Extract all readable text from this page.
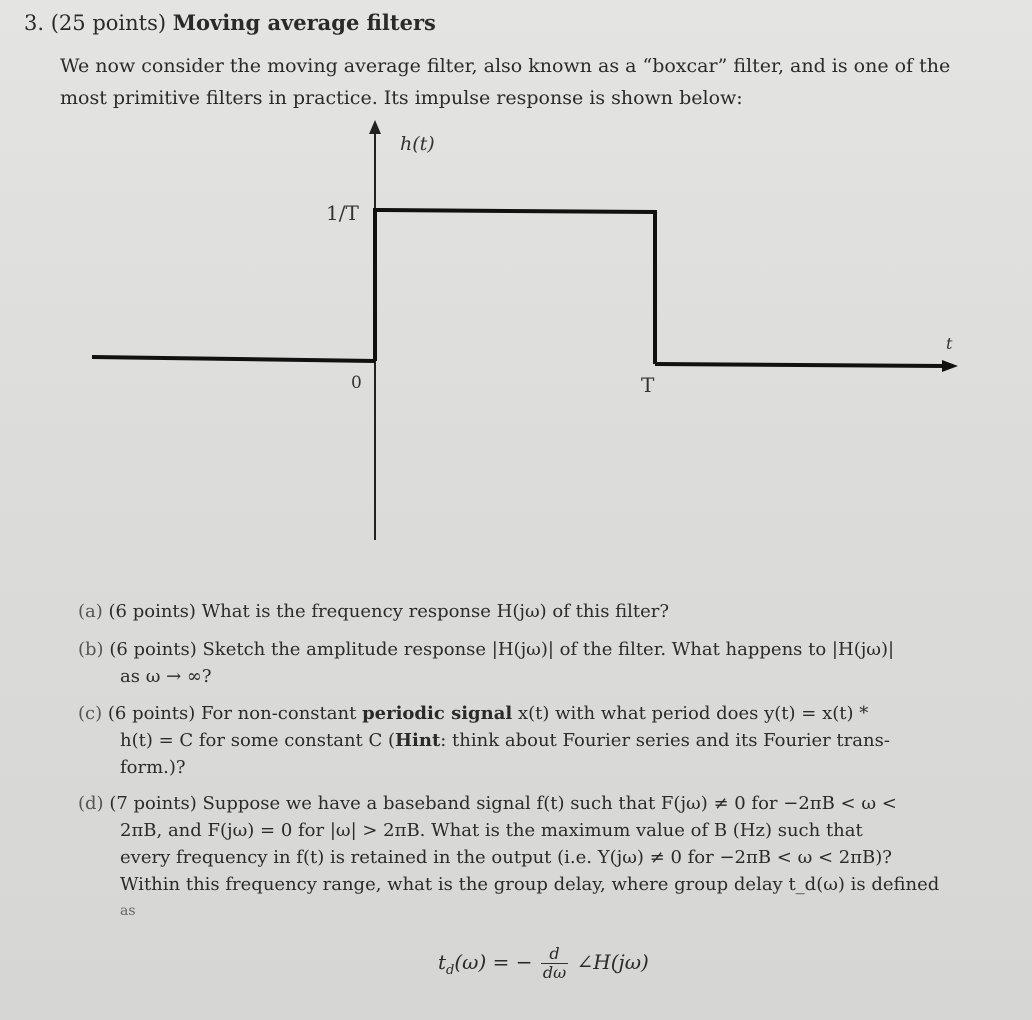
3. (25 points) Moving average filters
We now consider the moving average filter, also known as a “boxcar” filter, and is one of the
most primitive filters in practice. Its impulse response is shown below:
h(t)
1/T
t
0	T
(a) (6 points) What is the frequency response H(jω) of this filter?
(b) (6 points) Sketch the amplitude response |H(jω)| of the filter. What happens to |H(jω)|
as ω → ∞?
(c) (6 points) For non-constant periodic signal x(t) with what period does y(t) = x(t) *
h(t) = C for some constant C (Hint: think about Fourier series and its Fourier trans-
form.)?
(d) (7 points) Suppose we have a baseband signal f(t) such that F(jω) ≠ 0 for −2πB < ω <
2πB, and F(jω) = 0 for |ω| > 2πB. What is the maximum value of B (Hz) such that
every frequency in f(t) is retained in the output (i.e. Y(jω) ≠ 0 for −2πB < ω < 2πB)?
Within this frequency range, what is the group delay, where group delay t_d(ω) is defined
as
$t_d(\omega)$ = − $\frac{d}{d\omega}$ ∠H(jω)
